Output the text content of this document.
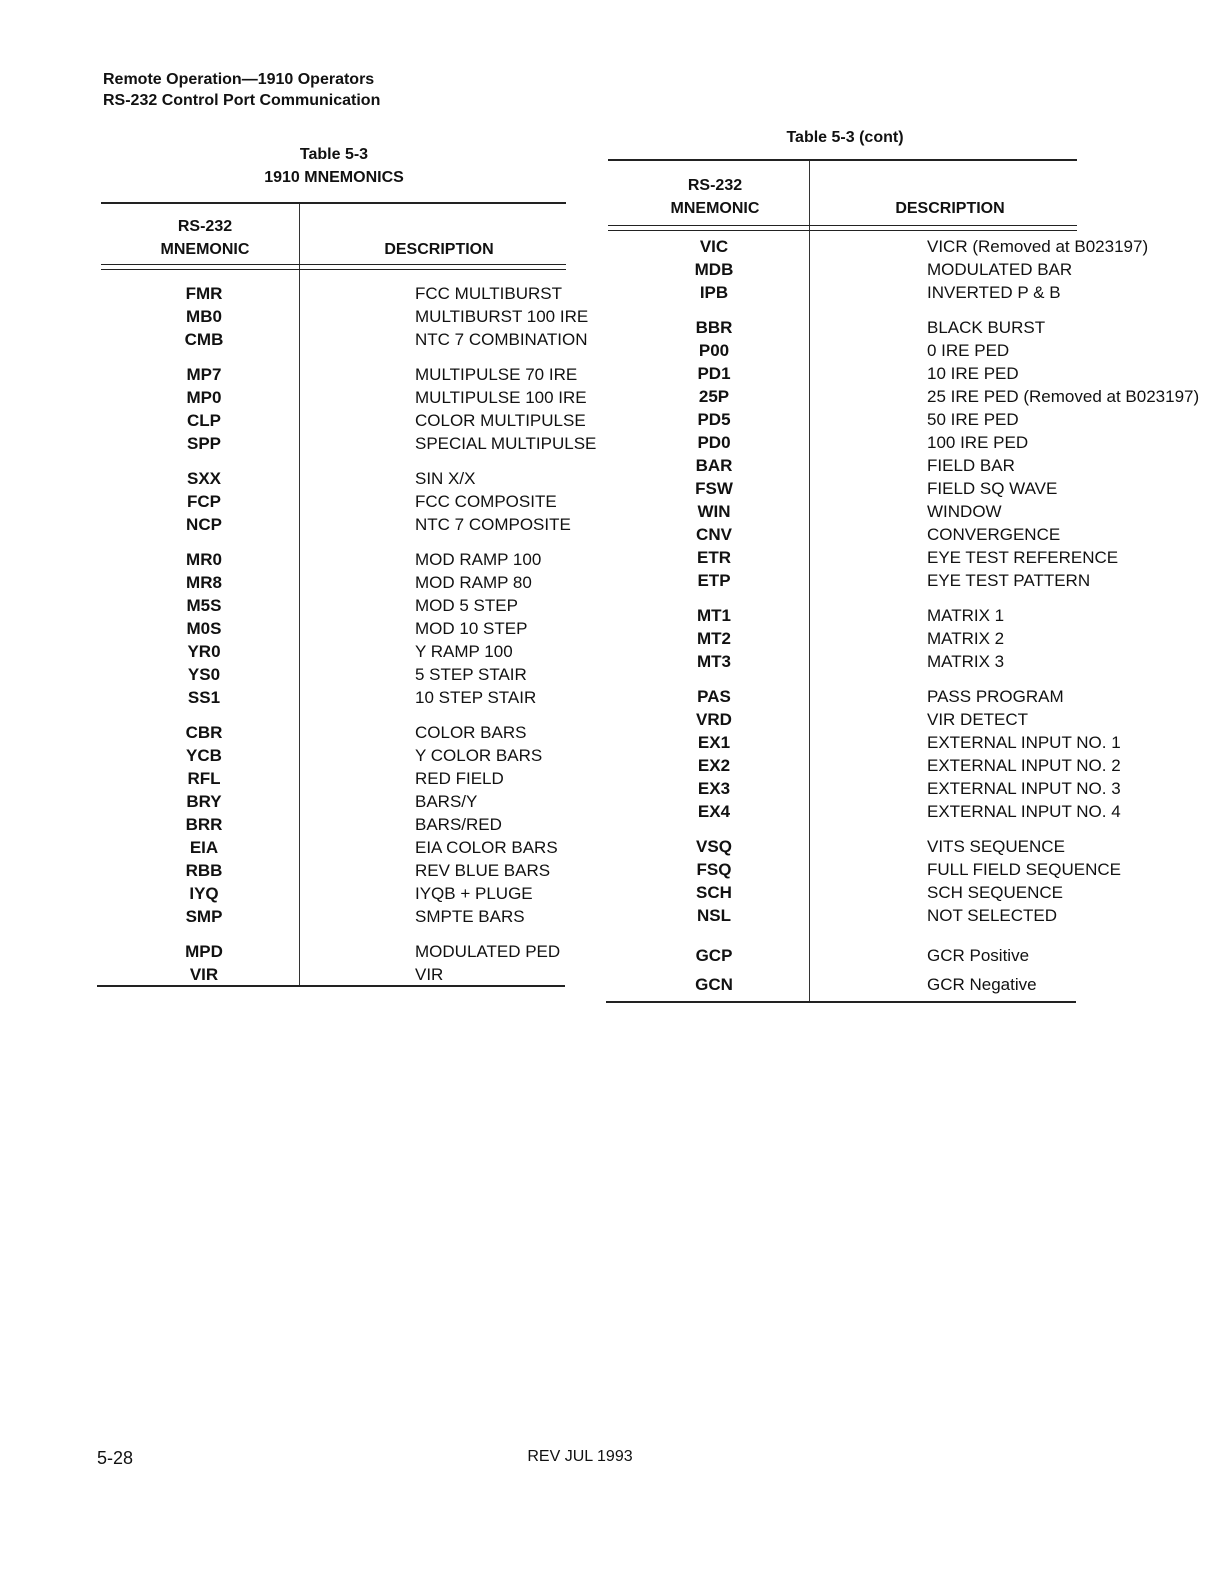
Remote Operation—1910 Operators
RS-232 Control Port Communication
Table 5-3
1910 MNEMONICS
RS-232
MNEMONIC	DESCRIPTION
FMR	FCC MULTIBURST
MB0	MULTIBURST 100 IRE
CMB	NTC 7 COMBINATION
MP7	MULTIPULSE 70 IRE
MP0	MULTIPULSE 100 IRE
CLP	COLOR MULTIPULSE
SPP	SPECIAL MULTIPULSE
SXX	SIN X/X
FCP	FCC COMPOSITE
NCP	NTC 7 COMPOSITE
MR0	MOD RAMP 100
MR8	MOD RAMP 80
M5S	MOD 5 STEP
M0S	MOD 10 STEP
YR0	Y RAMP 100
YS0	5 STEP STAIR
SS1	10 STEP STAIR
CBR	COLOR BARS
YCB	Y COLOR BARS
RFL	RED FIELD
BRY	BARS/Y
BRR	BARS/RED
EIA	EIA COLOR BARS
RBB	REV BLUE BARS
IYQ	IYQB + PLUGE
SMP	SMPTE BARS
MPD	MODULATED PED
VIR	VIR
Table 5-3 (cont)
RS-232
MNEMONIC	DESCRIPTION
VIC	VICR (Removed at B023197)
MDB	MODULATED BAR
IPB	INVERTED P & B
BBR	BLACK BURST
P00	0 IRE PED
PD1	10 IRE PED
25P	25 IRE PED (Removed at B023197)
PD5	50 IRE PED
PD0	100 IRE PED
BAR	FIELD BAR
FSW	FIELD SQ WAVE
WIN	WINDOW
CNV	CONVERGENCE
ETR	EYE TEST REFERENCE
ETP	EYE TEST PATTERN
MT1	MATRIX 1
MT2	MATRIX 2
MT3	MATRIX 3
PAS	PASS PROGRAM
VRD	VIR DETECT
EX1	EXTERNAL INPUT NO. 1
EX2	EXTERNAL INPUT NO. 2
EX3	EXTERNAL INPUT NO. 3
EX4	EXTERNAL INPUT NO. 4
VSQ	VITS SEQUENCE
FSQ	FULL FIELD SEQUENCE
SCH	SCH SEQUENCE
NSL	NOT SELECTED
GCP	GCR Positive
GCN	GCR Negative
5-28	REV JUL 1993
